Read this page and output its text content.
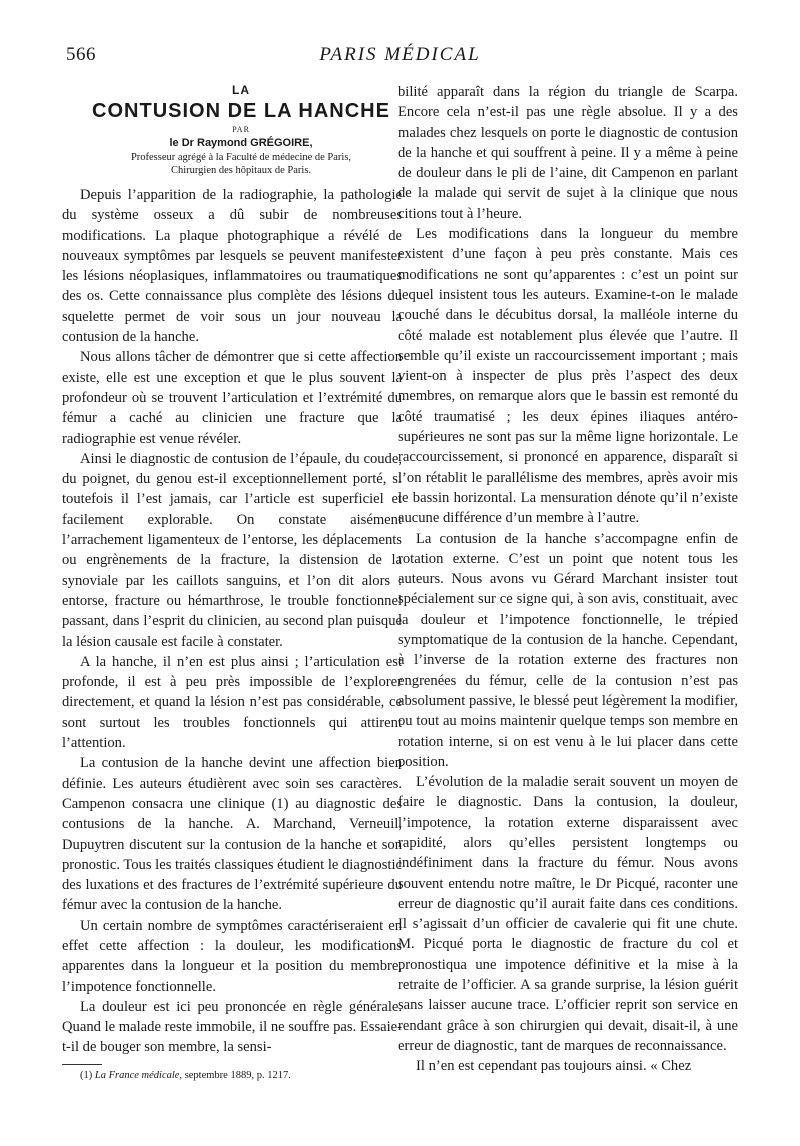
566	PARIS MÉDICAL

LA

CONTUSION DE LA HANCHE

PAR

le Dr Raymond GRÉGOIRE,

Professeur agrégé à la Faculté de médecine de Paris,

Chirurgien des hôpitaux de Paris.

Depuis l’apparition de la radiographie, la pathologie du système osseux a dû subir de nombreuses modifications. La plaque photographique a révélé de nouveaux symptômes par lesquels se peuvent manifester les lésions néoplasiques, inflammatoires ou traumatiques des os. Cette connaissance plus complète des lésions du squelette permet de voir sous un jour nouveau la contusion de la hanche.

Nous allons tâcher de démontrer que si cette affection existe, elle est une exception et que le plus souvent la profondeur où se trouvent l’articulation et l’extrémité du fémur a caché au clinicien une fracture que la radiographie est venue révéler.

Ainsi le diagnostic de contusion de l’épaule, du coude, du poignet, du genou est-il exceptionnellement porté, si toutefois il l’est jamais, car l’article est superficiel et facilement explorable. On constate aisément l’arrachement ligamenteux de l’entorse, les déplacements ou engrènements de la fracture, la distension de la synoviale par les caillots sanguins, et l’on dit alors : entorse, fracture ou hémarthrose, le trouble fonctionnel passant, dans l’esprit du clinicien, au second plan puisque la lésion causale est facile à constater.

A la hanche, il n’en est plus ainsi ; l’articulation est profonde, il est à peu près impossible de l’explorer directement, et quand la lésion n’est pas considérable, ce sont surtout les troubles fonctionnels qui attirent l’attention.

La contusion de la hanche devint une affection bien définie. Les auteurs étudièrent avec soin ses caractères. Campenon consacra une clinique (1) au diagnostic des contusions de la hanche. A. Marchand, Verneuil, Dupuytren discutent sur la contusion de la hanche et son pronostic. Tous les traités classiques étudient le diagnostic des luxations et des fractures de l’extrémité supérieure du fémur avec la contusion de la hanche.

Un certain nombre de symptômes caractériseraient en effet cette affection : la douleur, les modifications apparentes dans la longueur et la position du membre, l’impotence fonctionnelle.

La douleur est ici peu prononcée en règle générale. Quand le malade reste immobile, il ne souffre pas. Essaie-t-il de bouger son membre, la sensi-

(1) La France médicale, septembre 1889, p. 1217.

bilité apparaît dans la région du triangle de Scarpa. Encore cela n’est-il pas une règle absolue. Il y a des malades chez lesquels on porte le diagnostic de contusion de la hanche et qui souffrent à peine. Il y a même à peine de douleur dans le pli de l’aine, dit Campenon en parlant de la malade qui servit de sujet à la clinique que nous citions tout à l’heure.

Les modifications dans la longueur du membre existent d’une façon à peu près constante. Mais ces modifications ne sont qu’apparentes : c’est un point sur lequel insistent tous les auteurs. Examine-t-on le malade couché dans le décubitus dorsal, la malléole interne du côté malade est notablement plus élevée que l’autre. Il semble qu’il existe un raccourcissement important ; mais vient-on à inspecter de plus près l’aspect des deux membres, on remarque alors que le bassin est remonté du côté traumatisé ; les deux épines iliaques antéro-supérieures ne sont pas sur la même ligne horizontale. Le raccourcissement, si prononcé en apparence, disparaît si l’on rétablit le parallélisme des membres, après avoir mis le bassin horizontal. La mensuration dénote qu’il n’existe aucune différence d’un membre à l’autre.

La contusion de la hanche s’accompagne enfin de rotation externe. C’est un point que notent tous les auteurs. Nous avons vu Gérard Marchant insister tout spécialement sur ce signe qui, à son avis, constituait, avec la douleur et l’impotence fonctionnelle, le trépied symptomatique de la contusion de la hanche. Cependant, à l’inverse de la rotation externe des fractures non engrenées du fémur, celle de la contusion n’est pas absolument passive, le blessé peut légèrement la modifier, ou tout au moins maintenir quelque temps son membre en rotation interne, si on est venu à le lui placer dans cette position.

L’évolution de la maladie serait souvent un moyen de faire le diagnostic. Dans la contusion, la douleur, l’impotence, la rotation externe disparaissent avec rapidité, alors qu’elles persistent longtemps ou indéfiniment dans la fracture du fémur. Nous avons souvent entendu notre maître, le Dr Picqué, raconter une erreur de diagnostic qu’il aurait faite dans ces conditions. Il s’agissait d’un officier de cavalerie qui fit une chute. M. Picqué porta le diagnostic de fracture du col et pronostiqua une impotence définitive et la mise à la retraite de l’officier. A sa grande surprise, la lésion guérit sans laisser aucune trace. L’officier reprit son service en rendant grâce à son chirurgien qui devait, disait-il, à une erreur de diagnostic, tant de marques de reconnaissance.

Il n’en est cependant pas toujours ainsi. « Chez
